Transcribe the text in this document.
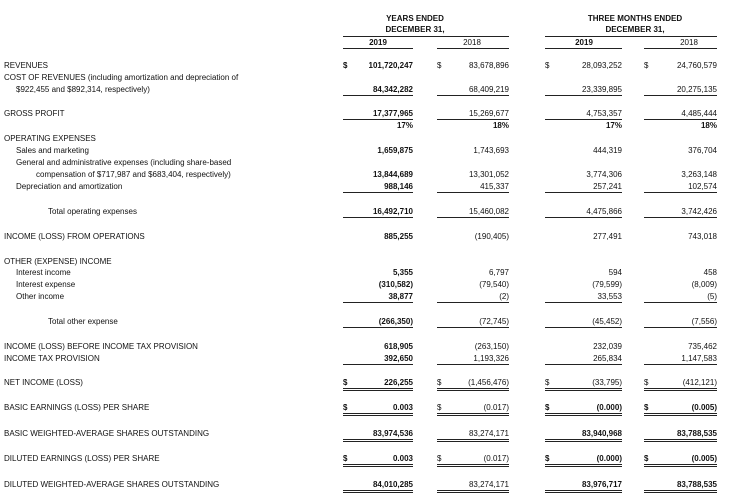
YEARS ENDED
DECEMBER 31,
THREE MONTHS ENDED
DECEMBER 31,
2019	2018	2019	2018
REVENUES	$	101,720,247	$	83,678,896	$	28,093,252	$	24,760,579
COST OF REVENUES (including amortization and depreciation of
$922,455 and $892,314, respectively)	84,342,282	68,409,219	23,339,895	20,275,135
GROSS PROFIT	17,377,965	15,269,677	4,753,357	4,485,444
17%	18%	17%	18%
OPERATING EXPENSES
Sales and marketing	1,659,875	1,743,693	444,319	376,704
General and administrative expenses (including share-based
compensation of $717,987 and $683,404, respectively)	13,844,689	13,301,052	3,774,306	3,263,148
Depreciation and amortization	988,146	415,337	257,241	102,574
Total operating expenses	16,492,710	15,460,082	4,475,866	3,742,426
INCOME (LOSS) FROM OPERATIONS	885,255	(190,405)	277,491	743,018
OTHER (EXPENSE) INCOME
Interest income	5,355	6,797	594	458
Interest expense	(310,582)	(79,540)	(79,599)	(8,009)
Other income	38,877	(2)	33,553	(5)
Total other expense	(266,350)	(72,745)	(45,452)	(7,556)
INCOME (LOSS) BEFORE INCOME TAX PROVISION	618,905	(263,150)	232,039	735,462
INCOME TAX PROVISION	392,650	1,193,326	265,834	1,147,583
NET INCOME (LOSS)	$	226,255	$	(1,456,476)	$	(33,795)	$	(412,121)
BASIC EARNINGS (LOSS) PER SHARE	$	0.003	$	(0.017)	$	(0.000)	$	(0.005)
BASIC WEIGHTED-AVERAGE SHARES OUTSTANDING	83,974,536	83,274,171	83,940,968	83,788,535
DILUTED EARNINGS (LOSS) PER SHARE	$	0.003	$	(0.017)	$	(0.000)	$	(0.005)
DILUTED WEIGHTED-AVERAGE SHARES OUTSTANDING	84,010,285	83,274,171	83,976,717	83,788,535
